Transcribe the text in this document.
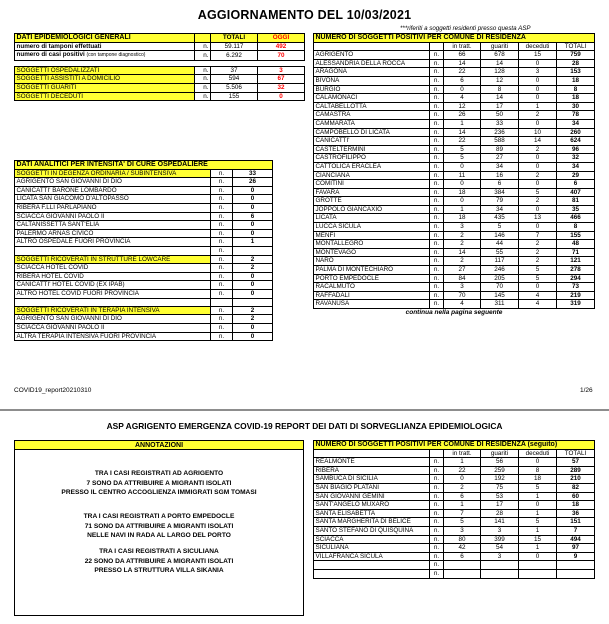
AGGIORNAMENTO DEL 10/03/2021
***riferiti a soggetti residenti presso questa ASP
DATI EPIDEMIOLOGICI GENERALI		TOTALI	OGGI
numero di tamponi effettuati	n.	59.117	492
numero di casi positivi (con tampone diagnostico)	n.	6.292	70

SOGGETTI OSPEDALIZZATI	n.	37	3
SOGGETTI ASSISTITI A DOMICILIO	n.	594	67
SOGGETTI GUARITI	n.	5.506	32
SOGGETTI DECEDUTI	n.	155	0
DATI ANALITICI PER INTENSITA' DI CURE OSPEDALIERE		
SOGGETTI IN DEGENZA ORDINARIA / SUBINTENSIVA	n.	33
AGRIGENTO SAN GIOVANNI DI DIO	n.	26
CANICATTI' BARONE LOMBARDO	n.	0
LICATA SAN GIACOMO D'ALTOPASSO	n.	0
RIBERA F.LLI PARLAPIANO	n.	0
SCIACCA GIOVANNI PAOLO II	n.	6
CALTANISSETTA SANT'ELIA	n.	0
PALERMO ARNAS CIVICO	n.	0
ALTRO OSPEDALE FUORI PROVINCIA	n.	1
	n.	
SOGGETTI RICOVERATI IN STRUTTURE LOWCARE	n.	2
SCIACCA HOTEL COVID	n.	2
RIBERA HOTEL COVID	n.	0
CANICATTI' HOTEL COVID (EX IPAB)	n.	0
ALTRO HOTEL COVID FUORI PROVINCIA	n.	0

SOGGETTI RICOVERATI IN TERAPIA INTENSIVA	n.	2
AGRIGENTO SAN GIOVANNI DI DIO	n.	2
SCIACCA GIOVANNI PAOLO II	n.	0
ALTRA TERAPIA INTENSIVA FUORI PROVINCIA	n.	0
NUMERO DI SOGGETTI POSITIVI PER COMUNE DI RESIDENZA					
		in tratt.	guariti	deceduti	TOTALI
AGRIGENTO	n.	66	678	15	759
ALESSANDRIA DELLA ROCCA	n.	14	14	0	28
ARAGONA	n.	22	128	3	153
BIVONA	n.	6	12	0	18
BURGIO	n.	0	8	0	8
CALAMONACI	n.	4	14	0	18
CALTABELLOTTA	n.	12	17	1	30
CAMASTRA	n.	26	50	2	78
CAMMARATA	n.	1	33	0	34
CAMPOBELLO DI LICATA	n.	14	236	10	260
CANICATTI'	n.	22	588	14	624
CASTELTERMINI	n.	5	89	2	96
CASTROFILIPPO	n.	5	27	0	32
CATTOLICA ERACLEA	n.	0	34	0	34
CIANCIANA	n.	11	16	2	29
COMITINI	n.	0	6	0	6
FAVARA	n.	18	384	5	407
GROTTE	n.	0	79	2	81
JOPPOLO GIANCAXIO	n.	1	34	0	35
LICATA	n.	18	435	13	466
LUCCA SICULA	n.	3	5	0	8
MENFI	n.	2	146	7	155
MONTALLEGRO	n.	2	44	2	48
MONTEVAGO	n.	14	55	2	71
NARO	n.	2	117	2	121
PALMA DI MONTECHIARO	n.	27	246	5	278
PORTO EMPEDOCLE	n.	84	205	5	294
RACALMUTO	n.	3	70	0	73
RAFFADALI	n.	70	145	4	219
RAVANUSA	n.	4	311	4	319
continua nella pagina seguente					
COVID19_report20210310	1/26
ASP AGRIGENTO EMERGENZA COVID-19 REPORT DEI DATI DI SORVEGLIANZA EPIDEMIOLOGICA
ANNOTAZIONI
TRA I CASI REGISTRATI AD AGRIGENTO
7 SONO DA ATTRIBUIRE A MIGRANTI ISOLATI
PRESSO IL CENTRO ACCOGLIENZA IMMIGRATI SGM TOMASI
TRA I CASI REGISTRATI A PORTO EMPEDOCLE
71 SONO DA ATTRIBUIRE A MIGRANTI ISOLATI
NELLE NAVI IN RADA AL LARGO DEL PORTO
TRA I CASI REGISTRATI A SICULIANA
22 SONO DA ATTRIBUIRE A MIGRANTI ISOLATI
PRESSO LA STRUTTURA VILLA SIKANIA
NUMERO DI SOGGETTI POSITIVI PER COMUNE DI RESIDENZA (seguito)					
		in tratt.	guariti	deceduti	TOTALI
REALMONTE	n.	1	56	0	57
RIBERA	n.	22	259	8	289
SAMBUCA DI SICILIA	n.	0	192	18	210
SAN BIAGIO PLATANI	n.	2	75	5	82
SAN GIOVANNI GEMINI	n.	6	53	1	60
SANT'ANGELO MUXARO	n.	1	17	0	18
SANTA ELISABETTA	n.	7	28	1	36
SANTA MARGHERITA DI BELICE	n.	5	141	5	151
SANTO STEFANO DI QUISQUINA	n.	3	3	1	7
SCIACCA	n.	80	399	15	494
SICULIANA	n.	42	54	1	97
VILLAFRANCA SICULA	n.	6	3	0	9
	n.				
	n.				
